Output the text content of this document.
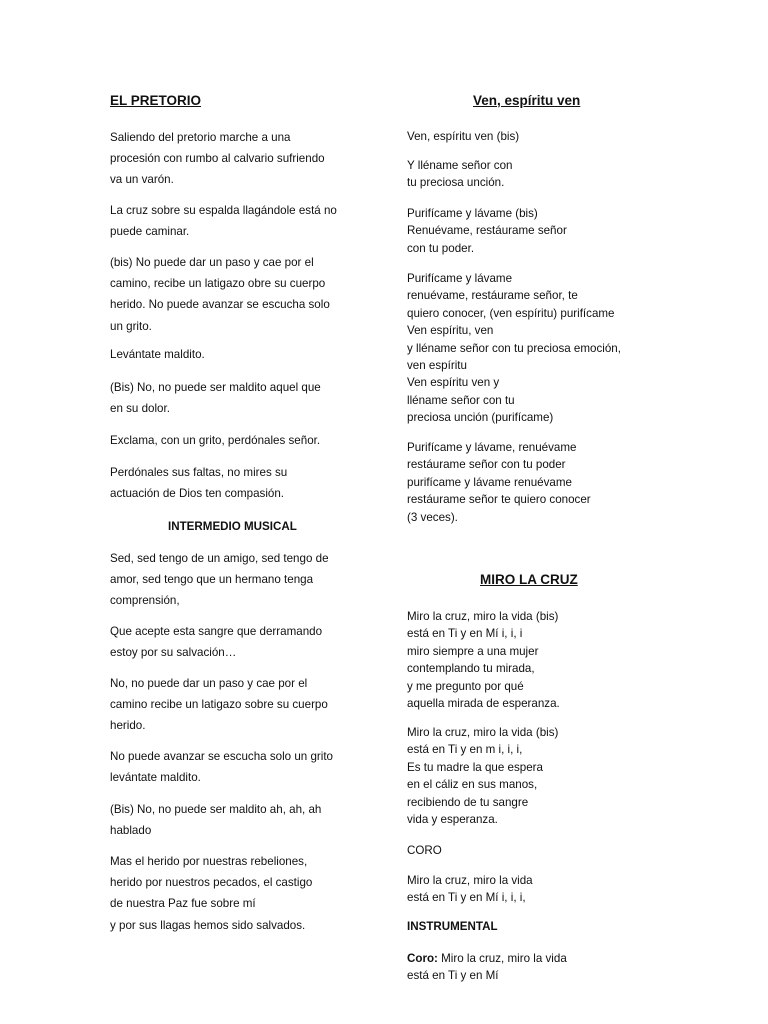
EL PRETORIO

Saliendo del pretorio marche a una
procesión con rumbo al calvario sufriendo
va un varón.

La cruz sobre su espalda llagándole está no
puede caminar.

(bis) No puede dar un paso y cae por el
camino, recibe un latigazo obre su cuerpo
herido. No puede avanzar se escucha solo
un grito.

Levántate maldito.

(Bis) No, no puede ser maldito aquel que
en su dolor.

Exclama, con un grito, perdónales señor.

Perdónales sus faltas, no mires su
actuación de Dios ten compasión.

INTERMEDIO MUSICAL

Sed, sed tengo de un amigo, sed tengo de
amor, sed tengo que un hermano tenga
comprensión,

Que acepte esta sangre que derramando
estoy por su salvación…

No, no puede dar un paso y cae por el
camino recibe un latigazo sobre su cuerpo
herido.

No puede avanzar se escucha solo un grito
levántate maldito.

(Bis) No, no puede ser maldito ah, ah, ah
hablado

Mas el herido por nuestras rebeliones,
herido por nuestros pecados, el castigo
de nuestra Paz fue sobre mí
y por sus llagas hemos sido salvados.

Ven, espíritu ven

Ven, espíritu ven (bis)

Y lléname señor con
tu preciosa unción.

Purifícame y lávame (bis)
Renuévame, restáurame señor
con tu poder.

Purifícame y lávame
renuévame, restáurame señor, te
quiero conocer, (ven espíritu) purifícame
Ven espíritu, ven
y lléname señor con tu preciosa emoción,
ven espíritu
Ven espíritu ven y
lléname señor con tu
preciosa unción (purifícame)

Purifícame y lávame, renuévame
restáurame señor con tu poder
purifícame y lávame renuévame
restáurame señor te quiero conocer
(3 veces).

MIRO LA CRUZ

Miro la cruz, miro la vida (bis)
está en Ti y en Mí i, i, i
miro siempre a una mujer
contemplando tu mirada,
y me pregunto por qué
aquella mirada de esperanza.

Miro la cruz, miro la vida (bis)
está en Ti y en m i, i, i,
Es tu madre la que espera
en el cáliz en sus manos,
recibiendo de tu sangre
vida y esperanza.

CORO

Miro la cruz, miro la vida
está en Ti y en Mí i, i, i,

INSTRUMENTAL

Coro: Miro la cruz, miro la vida
está en Ti y en Mí
